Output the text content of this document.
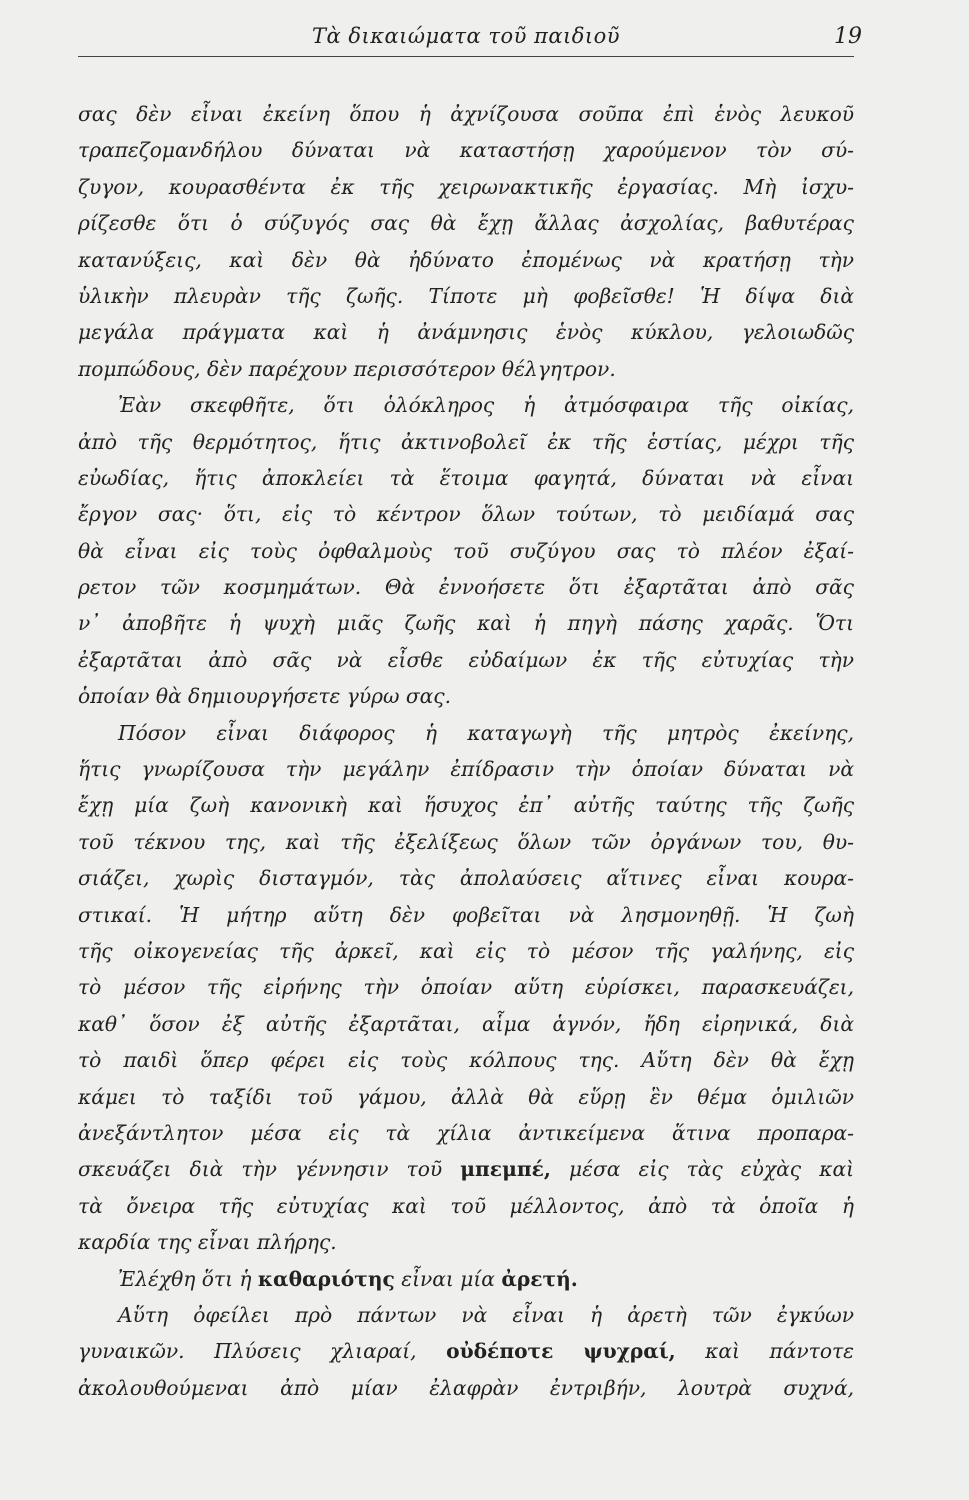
Τὰ δικαιώματα τοῦ παιδιοῦ	19
σας δὲν εἶναι ἐκείνη ὅπου ἡ ἀχνίζουσα σοῦπα ἐπὶ ἑνὸς λευκοῦ
τραπεζομανδήλου δύναται νὰ καταστήσῃ χαρούμενον τὸν σύ-
ζυγον, κουρασθέντα ἐκ τῆς χειρωνακτικῆς ἐργασίας. Μὴ ἰσχυ-
ρίζεσθε ὅτι ὁ σύζυγός σας θὰ ἔχῃ ἄλλας ἀσχολίας, βαθυτέρας
κατανύξεις, καὶ δὲν θὰ ἠδύνατο ἐπομένως νὰ κρατήσῃ τὴν
ὑλικὴν πλευρὰν τῆς ζωῆς. Τίποτε μὴ φοβεῖσθε! Ἡ δίψα διὰ
μεγάλα πράγματα καὶ ἡ ἀνάμνησις ἑνὸς κύκλου, γελοιωδῶς
πομπώδους, δὲν παρέχουν περισσότερον θέλγητρον.
Ἐὰν σκεφθῆτε, ὅτι ὁλόκληρος ἡ ἀτμόσφαιρα τῆς οἰκίας,
ἀπὸ τῆς θερμότητος, ἥτις ἀκτινοβολεῖ ἐκ τῆς ἑστίας, μέχρι τῆς
εὐωδίας, ἥτις ἀποκλείει τὰ ἕτοιμα φαγητά, δύναται νὰ εἶναι
ἔργον σας· ὅτι, εἰς τὸ κέντρον ὅλων τούτων, τὸ μειδίαμά σας
θὰ εἶναι εἰς τοὺς ὀφθαλμοὺς τοῦ συζύγου σας τὸ πλέον ἐξαί-
ρετον τῶν κοσμημάτων. Θὰ ἐννοήσετε ὅτι ἐξαρτᾶται ἀπὸ σᾶς
ν᾿ ἀποβῆτε ἡ ψυχὴ μιᾶς ζωῆς καὶ ἡ πηγὴ πάσης χαρᾶς. Ὅτι
ἐξαρτᾶται ἀπὸ σᾶς νὰ εἶσθε εὐδαίμων ἐκ τῆς εὐτυχίας τὴν
ὁποίαν θὰ δημιουργήσετε γύρω σας.
Πόσον εἶναι διάφορος ἡ καταγωγὴ τῆς μητρὸς ἐκείνης,
ἥτις γνωρίζουσα τὴν μεγάλην ἐπίδρασιν τὴν ὁποίαν δύναται νὰ
ἔχῃ μία ζωὴ κανονικὴ καὶ ἥσυχος ἐπ᾿ αὐτῆς ταύτης τῆς ζωῆς
τοῦ τέκνου της, καὶ τῆς ἐξελίξεως ὅλων τῶν ὀργάνων του, θυ-
σιάζει, χωρὶς δισταγμόν, τὰς ἀπολαύσεις αἵτινες εἶναι κουρα-
στικαί. Ἡ μήτηρ αὕτη δὲν φοβεῖται νὰ λησμονηθῇ. Ἡ ζωὴ
τῆς οἰκογενείας τῆς ἀρκεῖ, καὶ εἰς τὸ μέσον τῆς γαλήνης, εἰς
τὸ μέσον τῆς εἰρήνης τὴν ὁποίαν αὕτη εὑρίσκει, παρασκευάζει,
καθ᾿ ὅσον ἐξ αὐτῆς ἐξαρτᾶται, αἷμα ἁγνόν, ἤδη εἰρηνικά, διὰ
τὸ παιδὶ ὅπερ φέρει εἰς τοὺς κόλπους της. Αὕτη δὲν θὰ ἔχῃ
κάμει τὸ ταξίδι τοῦ γάμου, ἀλλὰ θὰ εὕρῃ ἓν θέμα ὁμιλιῶν
ἀνεξάντλητον μέσα εἰς τὰ χίλια ἀντικείμενα ἅτινα προπαρα-
σκευάζει διὰ τὴν γέννησιν τοῦ μπεμπέ, μέσα εἰς τὰς εὐχὰς καὶ
τὰ ὄνειρα τῆς εὐτυχίας καὶ τοῦ μέλλοντος, ἀπὸ τὰ ὁποῖα ἡ
καρδία της εἶναι πλήρης.
Ἐλέχθη ὅτι ἡ καθαριότης εἶναι μία ἀρετή.
Αὕτη ὀφείλει πρὸ πάντων νὰ εἶναι ἡ ἀρετὴ τῶν ἐγκύων
γυναικῶν. Πλύσεις χλιαραί, οὐδέποτε ψυχραί, καὶ πάντοτε
ἀκολουθούμεναι ἀπὸ μίαν ἐλαφρὰν ἐντριβήν, λουτρὰ συχνά,
